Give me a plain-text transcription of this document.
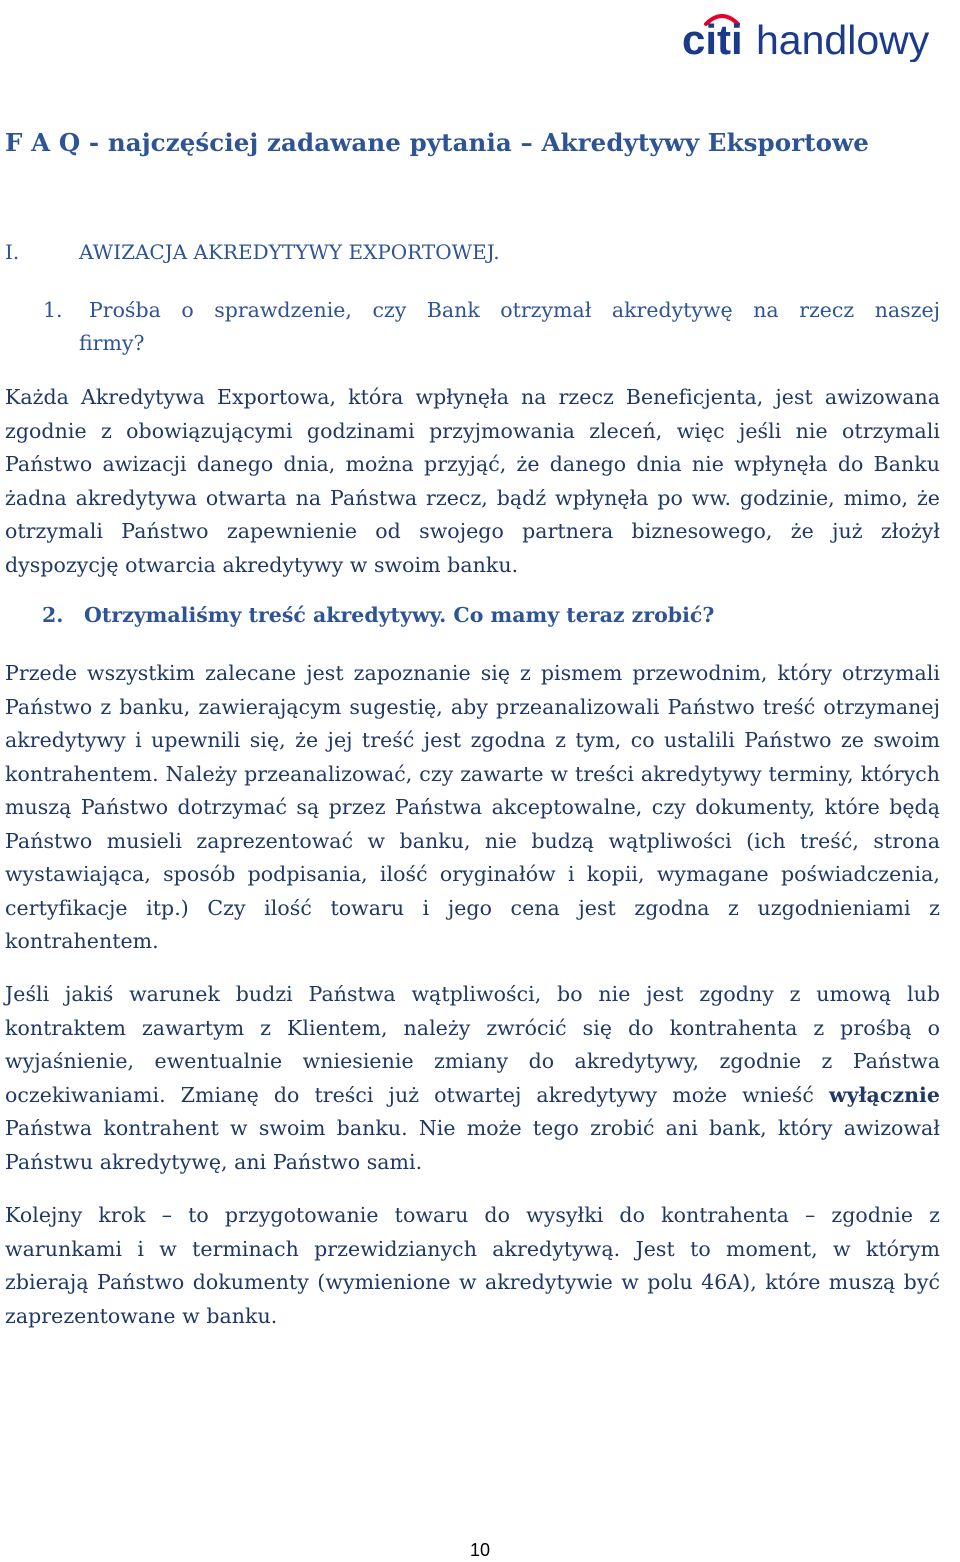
citi handlowy
F A Q - najczęściej zadawane pytania – Akredytywy Eksportowe
I.	AWIZACJA AKREDYTYWY EXPORTOWEJ.
1.	Prośba o sprawdzenie, czy Bank otrzymał akredytywę na rzecz naszej
firmy?

Każda Akredytywa Exportowa, która wpłynęła na rzecz Beneficjenta, jest awizowana zgodnie z obowiązującymi godzinami przyjmowania zleceń, więc jeśli nie otrzymali Państwo awizacji danego dnia, można przyjąć, że danego dnia nie wpłynęła do Banku żadna akredytywa otwarta na Państwa rzecz, bądź wpłynęła po ww. godzinie, mimo, że otrzymali Państwo zapewnienie od swojego partnera biznesowego, że już złożył dyspozycję otwarcia akredytywy w swoim banku.

2. Otrzymaliśmy treść akredytywy. Co mamy teraz zrobić?

Przede wszystkim zalecane jest zapoznanie się z pismem przewodnim, który otrzymali Państwo z banku, zawierającym sugestię, aby przeanalizowali Państwo treść otrzymanej akredytywy i upewnili się, że jej treść jest zgodna z tym, co ustalili Państwo ze swoim kontrahentem. Należy przeanalizować, czy zawarte w treści akredytywy terminy, których muszą Państwo dotrzymać są przez Państwa akceptowalne, czy dokumenty, które będą Państwo musieli zaprezentować w banku, nie budzą wątpliwości (ich treść, strona wystawiająca, sposób podpisania, ilość oryginałów i kopii, wymagane poświadczenia, certyfikacje itp.) Czy ilość towaru i jego cena jest zgodna z uzgodnieniami z kontrahentem.

Jeśli jakiś warunek budzi Państwa wątpliwości, bo nie jest zgodny z umową lub kontraktem zawartym z Klientem, należy zwrócić się do kontrahenta z prośbą o wyjaśnienie, ewentualnie wniesienie zmiany do akredytywy, zgodnie z Państwa oczekiwaniami. Zmianę do treści już otwartej akredytywy może wnieść wyłącznie Państwa kontrahent w swoim banku. Nie może tego zrobić ani bank, który awizował Państwu akredytywę, ani Państwo sami.

Kolejny krok – to przygotowanie towaru do wysyłki do kontrahenta – zgodnie z warunkami i w terminach przewidzianych akredytywą. Jest to moment, w którym zbierają Państwo dokumenty (wymienione w akredytywie w polu 46A), które muszą być zaprezentowane w banku.

10
